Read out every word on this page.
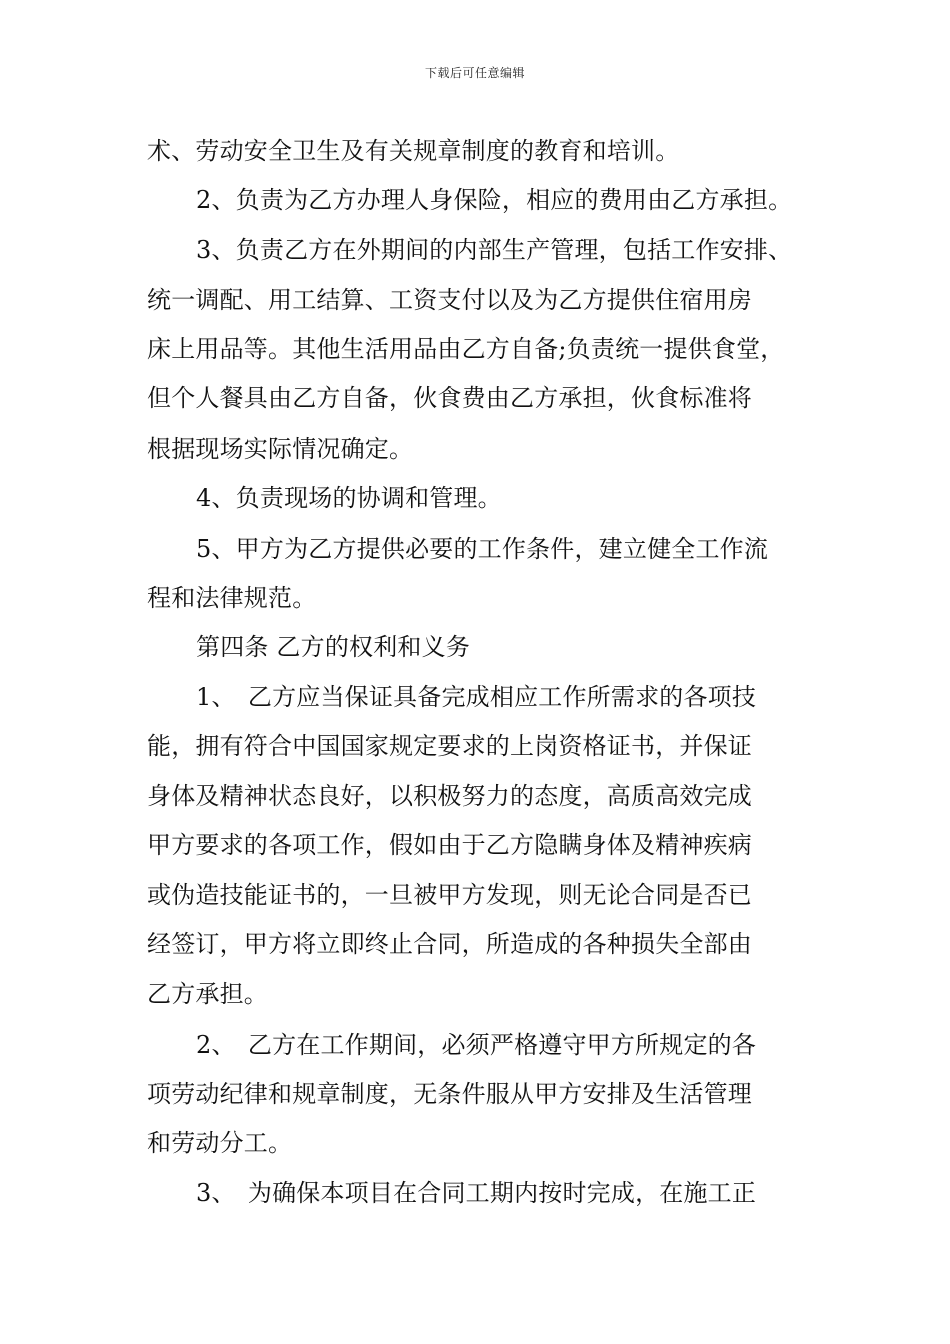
下载后可任意编辑
术、劳动安全卫生及有关规章制度的教育和培训。
2、负责为乙方办理人身保险，相应的费用由乙方承担。
3、负责乙方在外期间的内部生产管理，包括工作安排、
统一调配、用工结算、工资支付以及为乙方提供住宿用房
床上用品等。其他生活用品由乙方自备;负责统一提供食堂，
但个人餐具由乙方自备，伙食费由乙方承担，伙食标准将
根据现场实际情况确定。
4、负责现场的协调和管理。
5、甲方为乙方提供必要的工作条件，建立健全工作流
程和法律规范。
第四条 乙方的权利和义务
1、　乙方应当保证具备完成相应工作所需求的各项技
能，拥有符合中国国家规定要求的上岗资格证书，并保证
身体及精神状态良好，以积极努力的态度，高质高效完成
甲方要求的各项工作，假如由于乙方隐瞒身体及精神疾病
或伪造技能证书的，一旦被甲方发现，则无论合同是否已
经签订，甲方将立即终止合同，所造成的各种损失全部由
乙方承担。
2、　乙方在工作期间，必须严格遵守甲方所规定的各
项劳动纪律和规章制度，无条件服从甲方安排及生活管理
和劳动分工。
3、　为确保本项目在合同工期内按时完成，在施工正
